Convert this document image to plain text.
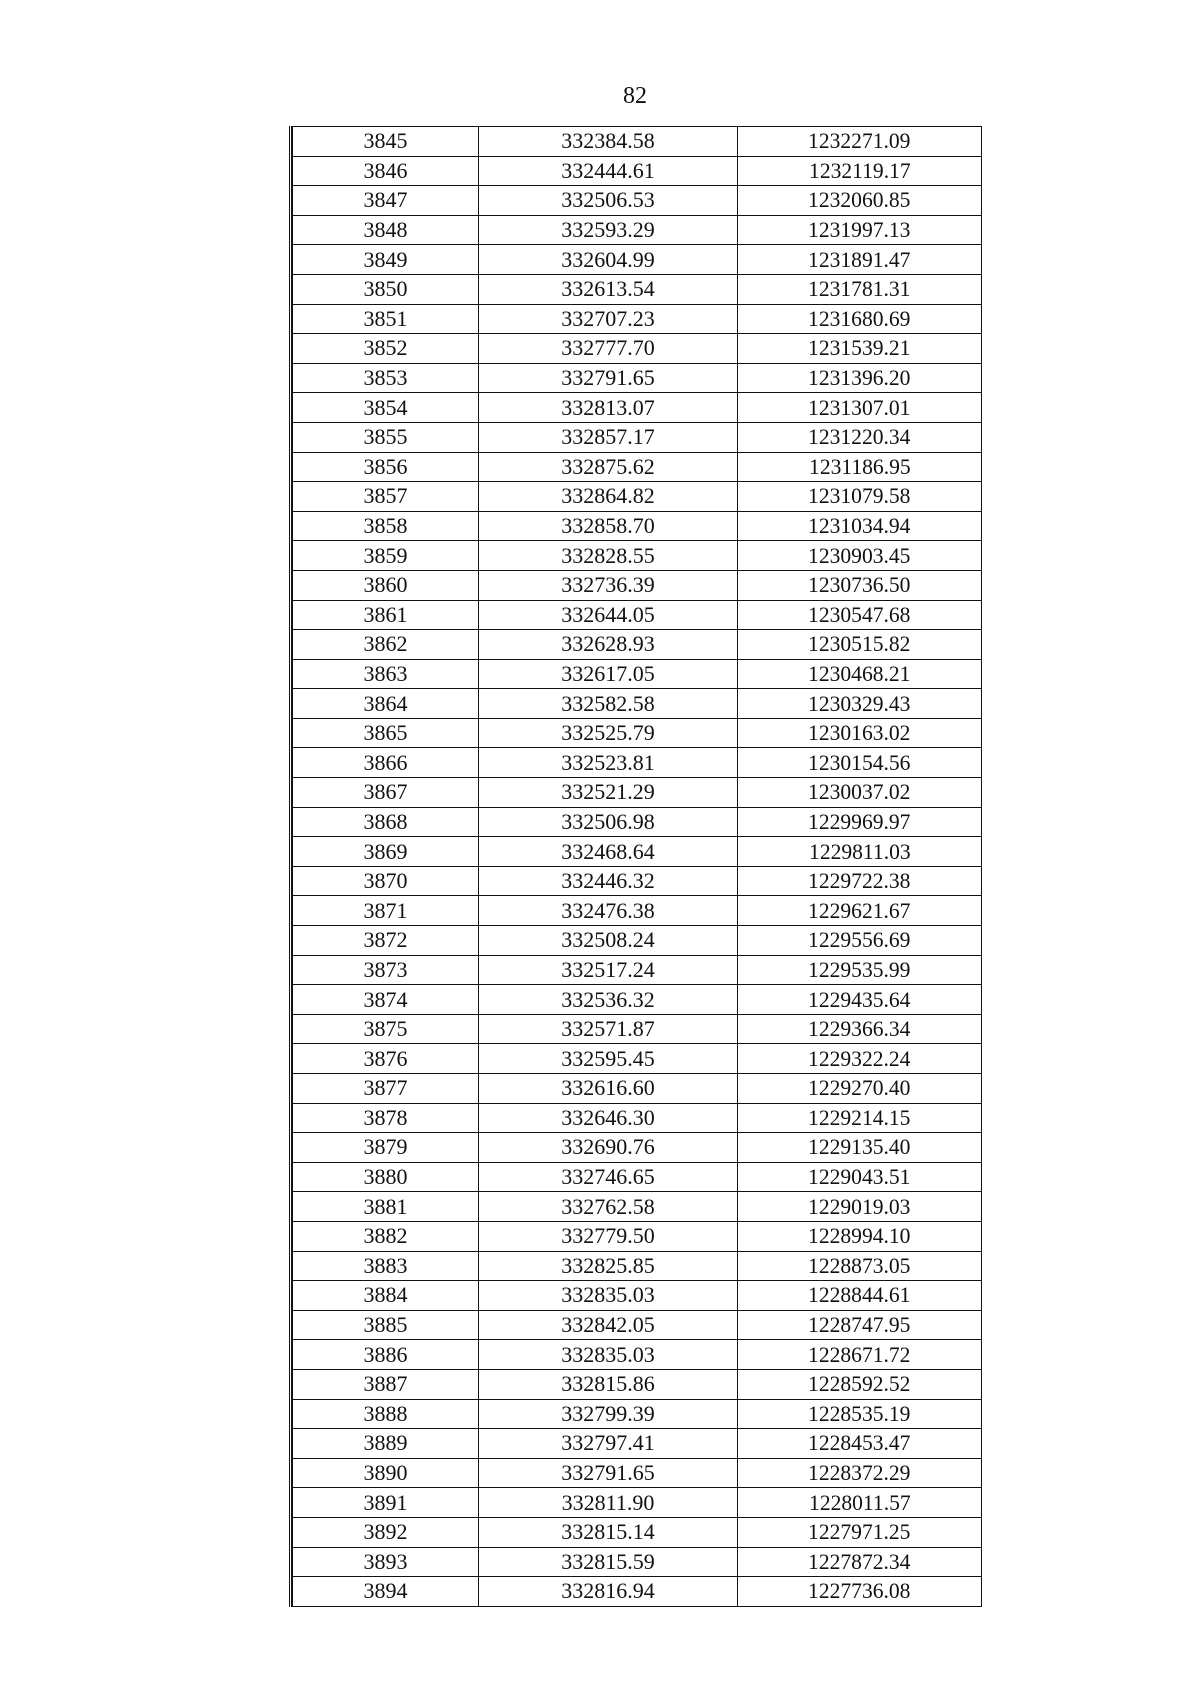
82
3845	332384.58	1232271.09
3846	332444.61	1232119.17
3847	332506.53	1232060.85
3848	332593.29	1231997.13
3849	332604.99	1231891.47
3850	332613.54	1231781.31
3851	332707.23	1231680.69
3852	332777.70	1231539.21
3853	332791.65	1231396.20
3854	332813.07	1231307.01
3855	332857.17	1231220.34
3856	332875.62	1231186.95
3857	332864.82	1231079.58
3858	332858.70	1231034.94
3859	332828.55	1230903.45
3860	332736.39	1230736.50
3861	332644.05	1230547.68
3862	332628.93	1230515.82
3863	332617.05	1230468.21
3864	332582.58	1230329.43
3865	332525.79	1230163.02
3866	332523.81	1230154.56
3867	332521.29	1230037.02
3868	332506.98	1229969.97
3869	332468.64	1229811.03
3870	332446.32	1229722.38
3871	332476.38	1229621.67
3872	332508.24	1229556.69
3873	332517.24	1229535.99
3874	332536.32	1229435.64
3875	332571.87	1229366.34
3876	332595.45	1229322.24
3877	332616.60	1229270.40
3878	332646.30	1229214.15
3879	332690.76	1229135.40
3880	332746.65	1229043.51
3881	332762.58	1229019.03
3882	332779.50	1228994.10
3883	332825.85	1228873.05
3884	332835.03	1228844.61
3885	332842.05	1228747.95
3886	332835.03	1228671.72
3887	332815.86	1228592.52
3888	332799.39	1228535.19
3889	332797.41	1228453.47
3890	332791.65	1228372.29
3891	332811.90	1228011.57
3892	332815.14	1227971.25
3893	332815.59	1227872.34
3894	332816.94	1227736.08
